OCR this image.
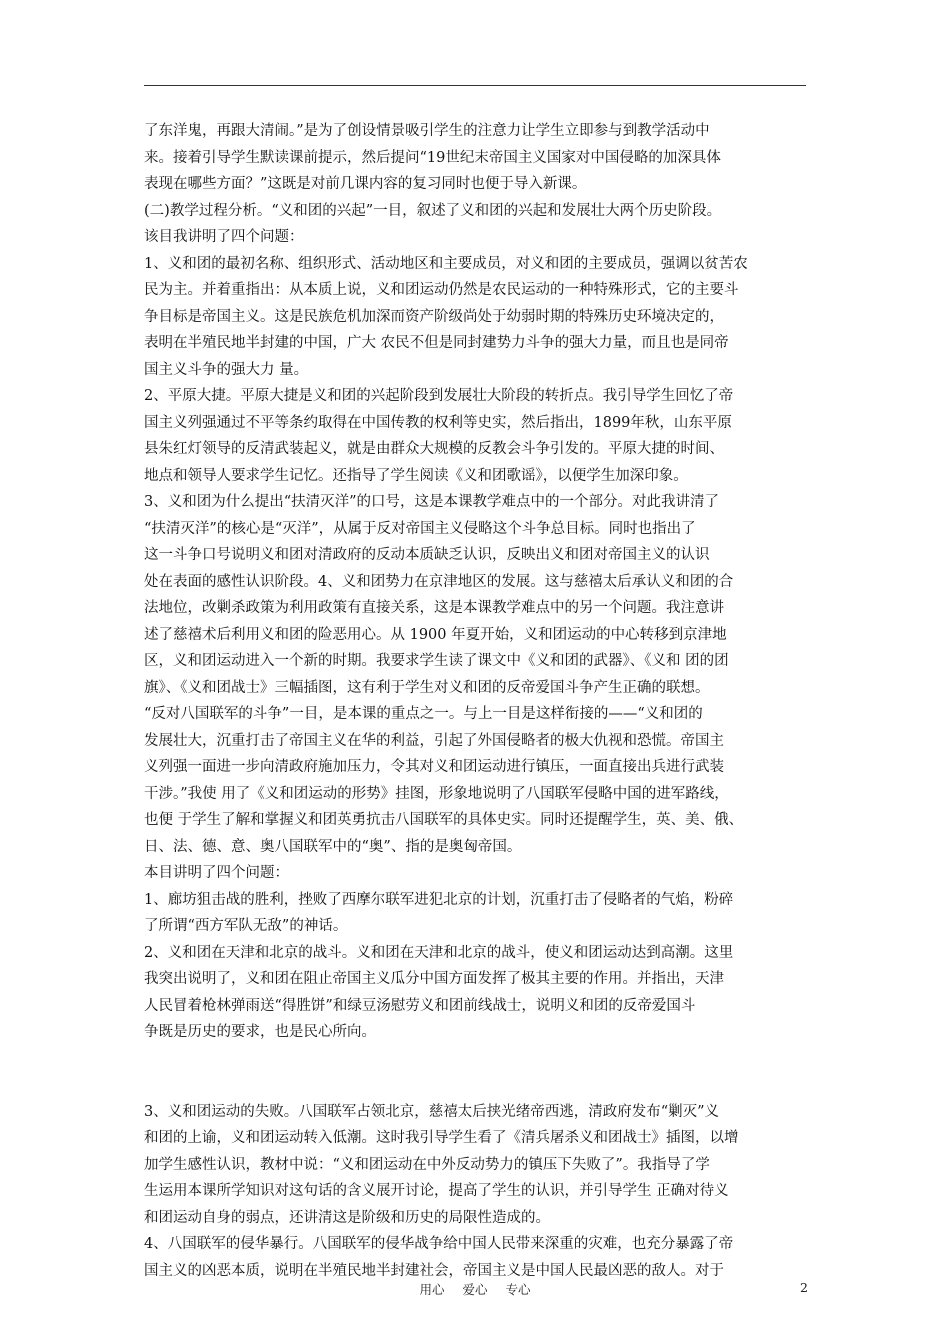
了东洋鬼，再跟大清闹。”是为了创设情景吸引学生的注意力让学生立即参与到教学活动中
来。接着引导学生默读课前提示，然后提问“19世纪末帝国主义国家对中国侵略的加深具体
表现在哪些方面？”这既是对前几课内容的复习同时也便于导入新课。
(二)教学过程分析。“义和团的兴起”一目，叙述了义和团的兴起和发展壮大两个历史阶段。
该目我讲明了四个问题：
1、义和团的最初名称、组织形式、活动地区和主要成员，对义和团的主要成员，强调以贫苦农
民为主。并着重指出：从本质上说，义和团运动仍然是农民运动的一种特殊形式，它的主要斗
争目标是帝国主义。这是民族危机加深而资产阶级尚处于幼弱时期的特殊历史环境决定的，
表明在半殖民地半封建的中国，广大 农民不但是同封建势力斗争的强大力量，而且也是同帝
国主义斗争的强大力 量。
2、平原大捷。平原大捷是义和团的兴起阶段到发展壮大阶段的转折点。我引导学生回忆了帝
国主义列强通过不平等条约取得在中国传教的权利等史实，然后指出，1899年秋，山东平原
县朱红灯领导的反清武装起义，就是由群众大规模的反教会斗争引发的。平原大捷的时间、
地点和领导人要求学生记忆。还指导了学生阅读《义和团歌谣》，以便学生加深印象。
3、义和团为什么提出“扶清灭洋”的口号，这是本课教学难点中的一个部分。对此我讲清了
“扶清灭洋”的核心是“灭洋”，从属于反对帝国主义侵略这个斗争总目标。同时也指出了
这一斗争口号说明义和团对清政府的反动本质缺乏认识，反映出义和团对帝国主义的认识
处在表面的感性认识阶段。4、义和团势力在京津地区的发展。这与慈禧太后承认义和团的合
法地位，改剿杀政策为利用政策有直接关系，这是本课教学难点中的另一个问题。我注意讲
述了慈禧术后利用义和团的险恶用心。从 1900 年夏开始，义和团运动的中心转移到京津地
区，义和团运动进入一个新的时期。我要求学生读了课文中《义和团的武器》、《义和 团的团
旗》、《义和团战士》三幅插图，这有利于学生对义和团的反帝爱国斗争产生正确的联想。
“反对八国联军的斗争”一目，是本课的重点之一。与上一目是这样衔接的——“义和团的
发展壮大，沉重打击了帝国主义在华的利益，引起了外国侵略者的极大仇视和恐慌。帝国主
义列强一面进一步向清政府施加压力，令其对义和团运动进行镇压，一面直接出兵进行武装
干涉。”我使 用了《义和团运动的形势》挂图，形象地说明了八国联军侵略中国的进军路线，
也便 于学生了解和掌握义和团英勇抗击八国联军的具体史实。同时还提醒学生，英、美、俄、
日、法、德、意、奥八国联军中的“奥”、指的是奥匈帝国。
本目讲明了四个问题：
1、廊坊狙击战的胜利，挫败了西摩尔联军进犯北京的计划，沉重打击了侵略者的气焰，粉碎
了所谓“西方军队无敌”的神话。
2、义和团在天津和北京的战斗。义和团在天津和北京的战斗，使义和团运动达到高潮。这里
我突出说明了，义和团在阻止帝国主义瓜分中国方面发挥了极其主要的作用。并指出，天津
人民冒着枪林弹雨送“得胜饼”和绿豆汤慰劳义和团前线战士，说明义和团的反帝爱国斗
争既是历史的要求，也是民心所向。
3、义和团运动的失败。八国联军占领北京，慈禧太后挟光绪帝西逃，清政府发布“剿灭”义
和团的上谕，义和团运动转入低潮。这时我引导学生看了《清兵屠杀义和团战士》插图，以增
加学生感性认识，教材中说：“义和团运动在中外反动势力的镇压下失败了”。我指导了学
生运用本课所学知识对这句话的含义展开讨论，提高了学生的认识，并引导学生 正确对待义
和团运动自身的弱点，还讲清这是阶级和历史的局限性造成的。
4、八国联军的侵华暴行。八国联军的侵华战争给中国人民带来深重的灾难，也充分暴露了帝
国主义的凶恶本质，说明在半殖民地半封建社会，帝国主义是中国人民最凶恶的敌人。对于
用心 爱心 专心	2
